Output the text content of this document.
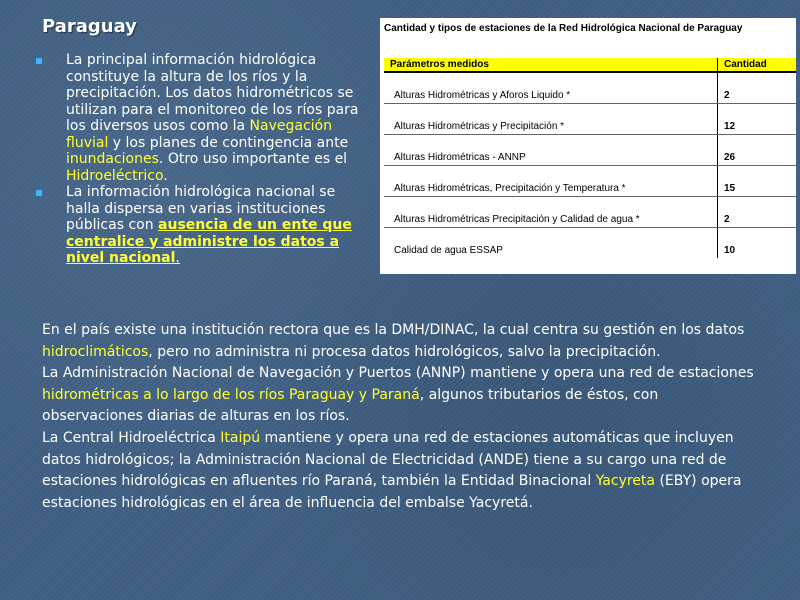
Paraguay
La principal información hidrológica constituye la altura de los ríos y la precipitación. Los datos hidrométricos se utilizan para el monitoreo de los ríos para los diversos usos como la Navegación fluvial y los planes de contingencia ante inundaciones. Otro uso importante es el Hidroeléctrico.
La información hidrológica nacional se halla dispersa en varias instituciones públicas con ausencia de un ente que centralice y administre los datos a nivel nacional.
Cantidad y tipos de estaciones de la Red Hidrológica Nacional de Paraguay
Parámetros medidos	Cantidad
Alturas Hidrométricas y Aforos Liquido *	2
Alturas Hidrométricas y Precipitación *	12
Alturas Hidrométricas - ANNP	26
Alturas Hidrométricas, Precipitación y Temperatura *	15
Alturas Hidrométricas Precipitación y Calidad de agua *	2
Calidad de agua ESSAP	10

En el país existe una institución rectora que es la DMH/DINAC, la cual centra su gestión en los datos hidroclimáticos, pero no administra ni procesa datos hidrológicos, salvo la precipitación.

La Administración Nacional de Navegación y Puertos (ANNP) mantiene y opera una red de estaciones hidrométricas a lo largo de los ríos Paraguay y Paraná, algunos tributarios de éstos, con observaciones diarias de alturas en los ríos.

La Central Hidroeléctrica Itaipú mantiene y opera una red de estaciones automáticas que incluyen datos hidrológicos; la Administración Nacional de Electricidad (ANDE) tiene a su cargo una red de estaciones hidrológicas en afluentes río Paraná, también la Entidad Binacional Yacyreta (EBY) opera estaciones hidrológicas en el área de influencia del embalse Yacyretá.
